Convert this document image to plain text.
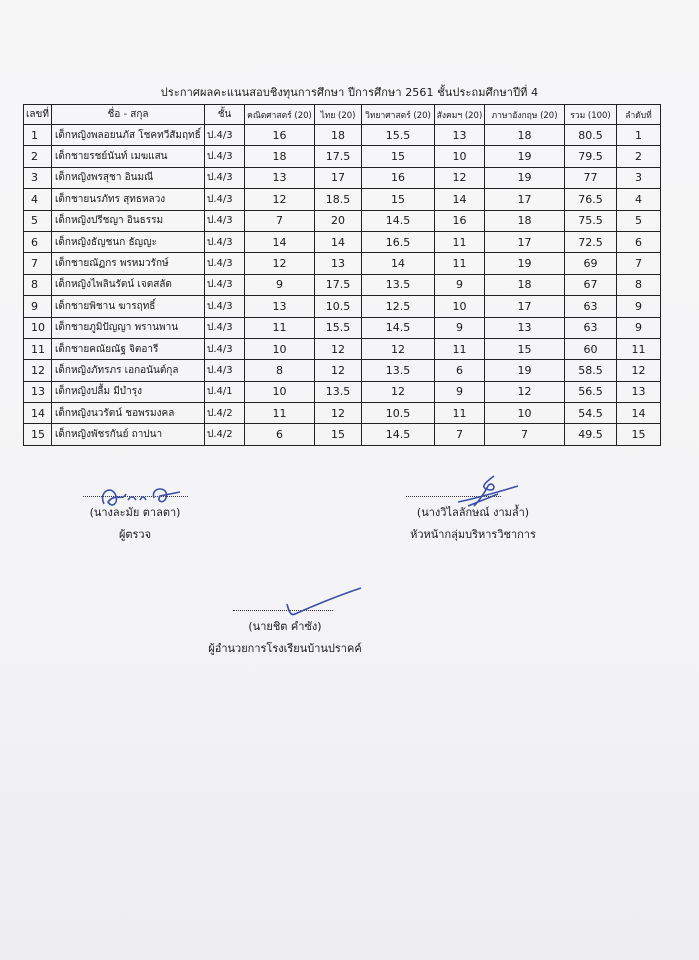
ประกาศผลคะแนนสอบชิงทุนการศึกษา ปีการศึกษา 2561 ชั้นประถมศึกษาปีที่ 4
เลขที่	ชื่อ - สกุล	ชั้น	คณิตศาสตร์ (20)	ไทย (20)	วิทยาศาสตร์ (20)	สังคมฯ (20)	ภาษาอังกฤษ (20)	รวม (100)	ลำดับที่
1	เด็กหญิงพลอยนภัส โชคทวีสัมฤทธิ์	ป.4/3	16	18	15.5	13	18	80.5	1
2	เด็กชายรชย์นันท์ เมฆแสน	ป.4/3	18	17.5	15	10	19	79.5	2
3	เด็กหญิงพรสุชา อินมณี	ป.4/3	13	17	16	12	19	77	3
4	เด็กชายนรภัทร สุทธหลวง	ป.4/3	12	18.5	15	14	17	76.5	4
5	เด็กหญิงปรีชญา อินธรรม	ป.4/3	7	20	14.5	16	18	75.5	5
6	เด็กหญิงธัญชนก ธัญญะ	ป.4/3	14	14	16.5	11	17	72.5	6
7	เด็กชายณัฏกร พรหมวรักษ์	ป.4/3	12	13	14	11	19	69	7
8	เด็กหญิงไพลินรัตน์ เจตสลัด	ป.4/3	9	17.5	13.5	9	18	67	8
9	เด็กชายพิชาน ฆารฤทธิ์	ป.4/3	13	10.5	12.5	10	17	63	9
10	เด็กชายภูมิปัญญา พรานพาน	ป.4/3	11	15.5	14.5	9	13	63	9
11	เด็กชายคณัยณัฐ จิตอารี	ป.4/3	10	12	12	11	15	60	11
12	เด็กหญิงภัทรภร เอกอนันต์กุล	ป.4/3	8	12	13.5	6	19	58.5	12
13	เด็กหญิงปลื้ม มีบำรุง	ป.4/1	10	13.5	12	9	12	56.5	13
14	เด็กหญิงนวรัตน์ ชอพรมงคล	ป.4/2	11	12	10.5	11	10	54.5	14
15	เด็กหญิงพัชรกันย์ ถาปนา	ป.4/2	6	15	14.5	7	7	49.5	15
(นางละมัย ตาลตา)
ผู้ตรวจ
(นางวิไลลักษณ์ งามล้ำ)
หัวหน้ากลุ่มบริหารวิชาการ
(นายชิต คำซัง)
ผู้อำนวยการโรงเรียนบ้านปราคค์
